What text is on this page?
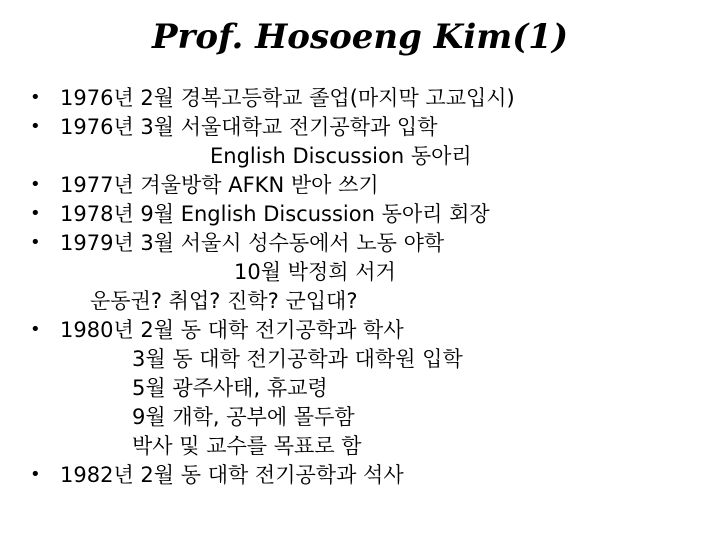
Prof. Hosoeng Kim(1)
• 1976년 2월 경복고등학교 졸업(마지막 고교입시)
• 1976년 3월 서울대학교 전기공학과 입학
English Discussion 동아리
• 1977년 겨울방학 AFKN 받아 쓰기
• 1978년 9월 English Discussion 동아리 회장
• 1979년 3월 서울시 성수동에서 노동 야학
10월 박정희 서거
운동권? 취업? 진학? 군입대?
• 1980년 2월 동 대학 전기공학과 학사
3월 동 대학 전기공학과 대학원 입학
5월 광주사태, 휴교령
9월 개학, 공부에 몰두함
박사 및 교수를 목표로 함
• 1982년 2월 동 대학 전기공학과 석사
